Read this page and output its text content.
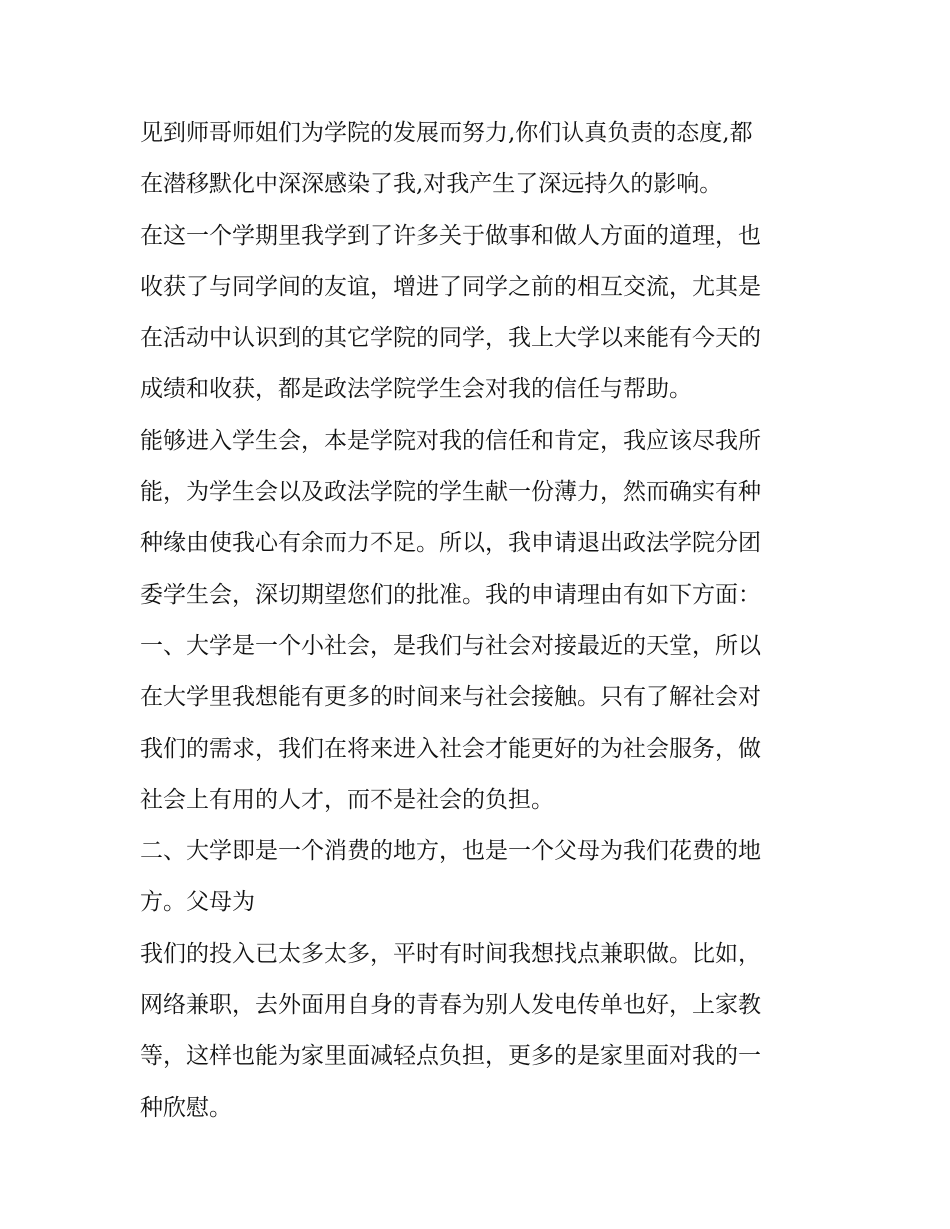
见到师哥师姐们为学院的发展而努力,你们认真负责的态度,都
在潜移默化中深深感染了我,对我产生了深远持久的影响。
在这一个学期里我学到了许多关于做事和做人方面的道理，也
收获了与同学间的友谊，增进了同学之前的相互交流，尤其是
在活动中认识到的其它学院的同学，我上大学以来能有今天的
成绩和收获，都是政法学院学生会对我的信任与帮助。
能够进入学生会，本是学院对我的信任和肯定，我应该尽我所
能，为学生会以及政法学院的学生献一份薄力，然而确实有种
种缘由使我心有余而力不足。所以，我申请退出政法学院分团
委学生会，深切期望您们的批准。我的申请理由有如下方面：
一、大学是一个小社会，是我们与社会对接最近的天堂，所以
在大学里我想能有更多的时间来与社会接触。只有了解社会对
我们的需求，我们在将来进入社会才能更好的为社会服务，做
社会上有用的人才，而不是社会的负担。
二、大学即是一个消费的地方，也是一个父母为我们花费的地
方。父母为
我们的投入已太多太多，平时有时间我想找点兼职做。比如，
网络兼职，去外面用自身的青春为别人发电传单也好，上家教
等，这样也能为家里面减轻点负担，更多的是家里面对我的一
种欣慰。
